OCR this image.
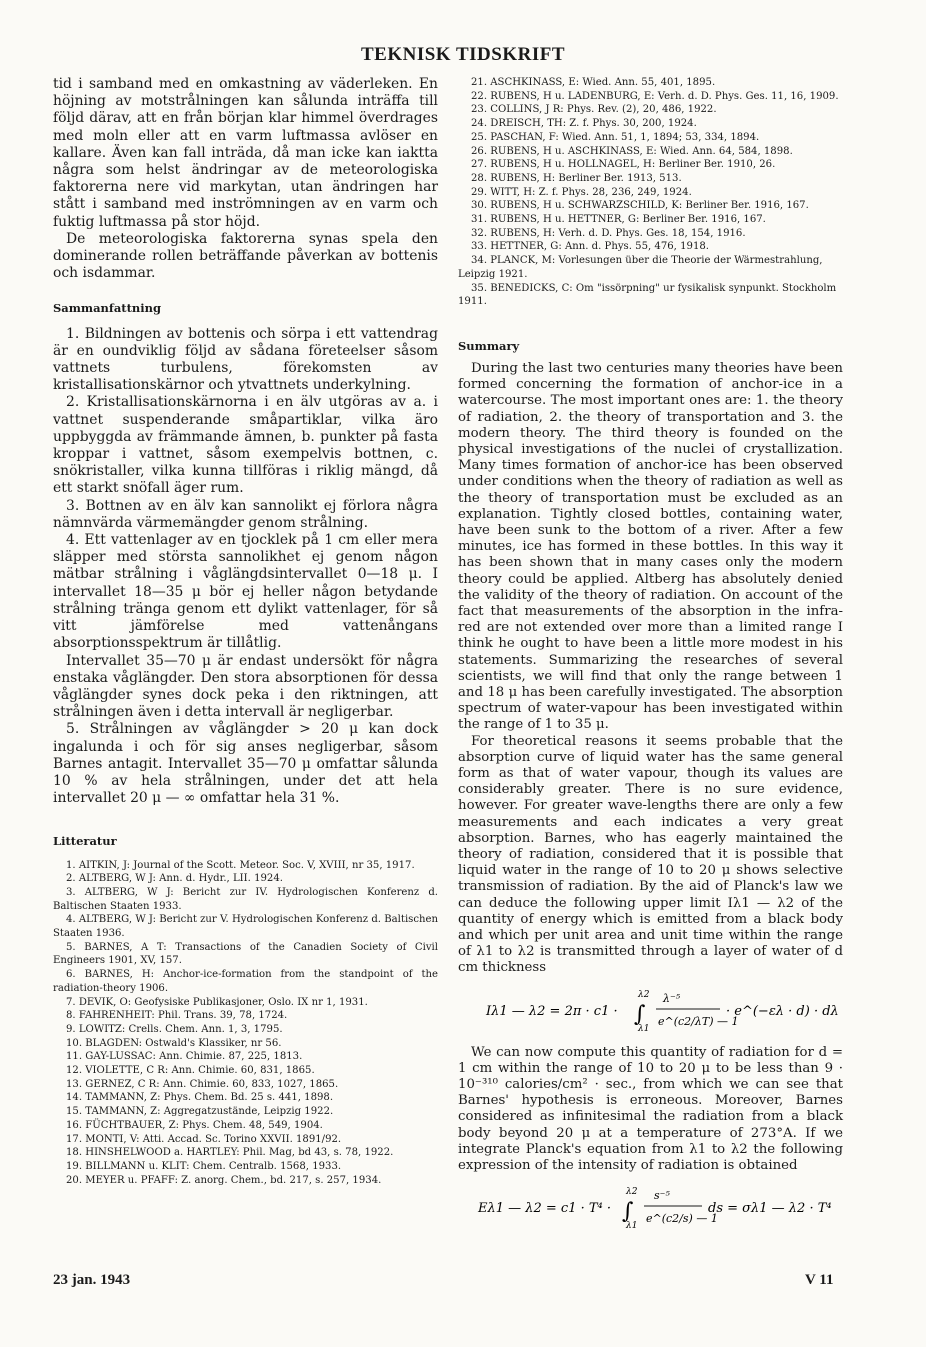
TEKNISK TIDSKRIFT

tid i samband med en omkastning av väderleken. En höjning av motstrålningen kan sålunda inträffa till följd därav, att en från början klar himmel överdrages med moln eller att en varm luftmassa avlöser en kallare. Även kan fall inträda, då man icke kan iaktta några som helst ändringar av de meteorologiska faktorerna nere vid markytan, utan ändringen har stått i samband med inströmningen av en varm och fuktig luftmassa på stor höjd.

De meteorologiska faktorerna synas spela den dominerande rollen beträffande påverkan av bottenis och isdammar.

Sammanfattning

1. Bildningen av bottenis och sörpa i ett vattendrag är en oundviklig följd av sådana företeelser såsom vattnets turbulens, förekomsten av kristallisationskärnor och ytvattnets underkylning.

2. Kristallisationskärnorna i en älv utgöras av a. i vattnet suspenderande småpartiklar, vilka äro uppbyggda av främmande ämnen, b. punkter på fasta kroppar i vattnet, såsom exempelvis bottnen, c. snökristaller, vilka kunna tillföras i riklig mängd, då ett starkt snöfall äger rum.

3. Bottnen av en älv kan sannolikt ej förlora några nämnvärda värmemängder genom strålning.

4. Ett vattenlager av en tjocklek på 1 cm eller mera släpper med största sannolikhet ej genom någon mätbar strålning i våglängdsintervallet 0—18 μ. I intervallet 18—35 μ bör ej heller någon betydande strålning tränga genom ett dylikt vattenlager, för så vitt jämförelse med vattenångans absorptionsspektrum är tillåtlig.

Intervallet 35—70 μ är endast undersökt för några enstaka våglängder. Den stora absorptionen för dessa våglängder synes dock peka i den riktningen, att strålningen även i detta intervall är negligerbar.

5. Strålningen av våglängder > 20 μ kan dock ingalunda i och för sig anses negligerbar, såsom Barnes antagit. Intervallet 35—70 μ omfattar sålunda 10 % av hela strålningen, under det att hela intervallet 20 μ — ∞ omfattar hela 31 %.

Litteratur
1. AITKIN, J: Journal of the Scott. Meteor. Soc. V, XVIII, nr 35, 1917.
2. ALTBERG, W J: Ann. d. Hydr., LII. 1924.
3. ALTBERG, W J: Bericht zur IV. Hydrologischen Konferenz d. Baltischen Staaten 1933.
4. ALTBERG, W J: Bericht zur V. Hydrologischen Konferenz d. Baltischen Staaten 1936.
5. BARNES, A T: Transactions of the Canadien Society of Civil Engineers 1901, XV, 157.
6. BARNES, H: Anchor-ice-formation from the standpoint of the radiation-theory 1906.
7. DEVIK, O: Geofysiske Publikasjoner, Oslo. IX nr 1, 1931.
8. FAHRENHEIT: Phil. Trans. 39, 78, 1724.
9. LOWITZ: Crells. Chem. Ann. 1, 3, 1795.
10. BLAGDEN: Ostwald's Klassiker, nr 56.
11. GAY-LUSSAC: Ann. Chimie. 87, 225, 1813.
12. VIOLETTE, C R: Ann. Chimie. 60, 831, 1865.
13. GERNEZ, C R: Ann. Chimie. 60, 833, 1027, 1865.
14. TAMMANN, Z: Phys. Chem. Bd. 25 s. 441, 1898.
15. TAMMANN, Z: Aggregatzustände, Leipzig 1922.
16. FÜCHTBAUER, Z: Phys. Chem. 48, 549, 1904.
17. MONTI, V: Atti. Accad. Sc. Torino XXVII. 1891/92.
18. HINSHELWOOD a. HARTLEY: Phil. Mag, bd 43, s. 78, 1922.
19. BILLMANN u. KLIT: Chem. Centralb. 1568, 1933.
20. MEYER u. PFAFF: Z. anorg. Chem., bd. 217, s. 257, 1934.
21. ASCHKINASS, E: Wied. Ann. 55, 401, 1895.
22. RUBENS, H u. LADENBURG, E: Verh. d. D. Phys. Ges. 11, 16, 1909.
23. COLLINS, J R: Phys. Rev. (2), 20, 486, 1922.
24. DREISCH, TH: Z. f. Phys. 30, 200, 1924.
25. PASCHAN, F: Wied. Ann. 51, 1, 1894; 53, 334, 1894.
26. RUBENS, H u. ASCHKINASS, E: Wied. Ann. 64, 584, 1898.
27. RUBENS, H u. HOLLNAGEL, H: Berliner Ber. 1910, 26.
28. RUBENS, H: Berliner Ber. 1913, 513.
29. WITT, H: Z. f. Phys. 28, 236, 249, 1924.
30. RUBENS, H u. SCHWARZSCHILD, K: Berliner Ber. 1916, 167.
31. RUBENS, H u. HETTNER, G: Berliner Ber. 1916, 167.
32. RUBENS, H: Verh. d. D. Phys. Ges. 18, 154, 1916.
33. HETTNER, G: Ann. d. Phys. 55, 476, 1918.
34. PLANCK, M: Vorlesungen über die Theorie der Wärmestrahlung, Leipzig 1921.
35. BENEDICKS, C: Om "issörpning" ur fysikalisk synpunkt. Stockholm 1911.
Summary

During the last two centuries many theories have been formed concerning the formation of anchor-ice in a watercourse. The most important ones are: 1. the theory of radiation, 2. the theory of transportation and 3. the modern theory. The third theory is founded on the physical investigations of the nuclei of crystallization. Many times formation of anchor-ice has been observed under conditions when the theory of radiation as well as the theory of transportation must be excluded as an explanation. Tightly closed bottles, containing water, have been sunk to the bottom of a river. After a few minutes, ice has formed in these bottles. In this way it has been shown that in many cases only the modern theory could be applied. Altberg has absolutely denied the validity of the theory of radiation. On account of the fact that measurements of the absorption in the infra-red are not extended over more than a limited range I think he ought to have been a little more modest in his statements. Summarizing the researches of several scientists, we will find that only the range between 1 and 18 μ has been carefully investigated. The absorption spectrum of water-vapour has been investigated within the range of 1 to 35 μ.

For theoretical reasons it seems probable that the absorption curve of liquid water has the same general form as that of water vapour, though its values are considerably greater. There is no sure evidence, however. For greater wave-lengths there are only a few measurements and each indicates a very great absorption. Barnes, who has eagerly maintained the theory of radiation, considered that it is possible that liquid water in the range of 10 to 20 μ shows selective transmission of radiation. By the aid of Planck's law we can deduce the following upper limit Iλ1 — λ2 of the quantity of energy which is emitted from a black body and which per unit area and unit time within the range of λ1 to λ2 is transmitted through a layer of water of d cm thickness

Iλ1 — λ2 = 2π · c1 · ∫
λ2
λ1
λ⁻⁵
e^(c2/λT) — 1
· e^(−ελ · d) · dλ

We can now compute this quantity of radiation for d = 1 cm within the range of 10 to 20 μ to be less than 9 · 10⁻³¹⁰ calories/cm² · sec., from which we can see that Barnes' hypothesis is erroneous. Moreover, Barnes considered as infinitesimal the radiation from a black body beyond 20 μ at a temperature of 273°A. If we integrate Planck's equation from λ1 to λ2 the following expression of the intensity of radiation is obtained

Eλ1 — λ2 = c1 · T⁴ · ∫
λ2
λ1
s⁻⁵
e^(c2/s) — 1
ds = σλ1 — λ2 · T⁴
23 jan. 1943	V 11
